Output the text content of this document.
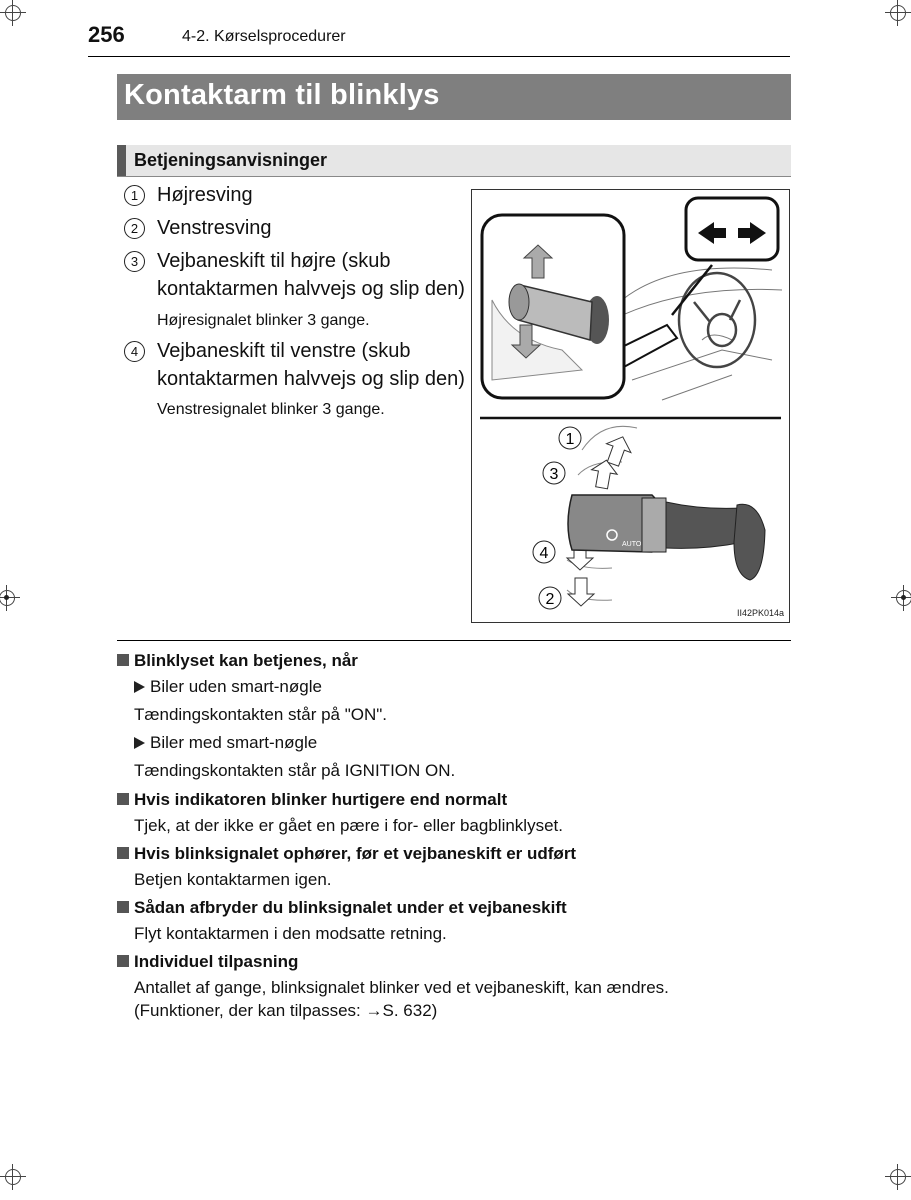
256	4-2. Kørselsprocedurer
Kontaktarm til blinklys
Betjeningsanvisninger
1 Højresving
2 Venstresving
3 Vejbaneskift til højre (skub kontaktarmen halvvejs og slip den)
Højresignalet blinker 3 gange.
4 Vejbaneskift til venstre (skub kontaktarmen halvvejs og slip den)
Venstresignalet blinker 3 gange.
AUTO
1
3
4
2
II42PK014a
Blinklyset kan betjenes, når
Biler uden smart-nøgle
Tændingskontakten står på "ON".
Biler med smart-nøgle
Tændingskontakten står på IGNITION ON.
Hvis indikatoren blinker hurtigere end normalt
Tjek, at der ikke er gået en pære i for- eller bagblinklyset.
Hvis blinksignalet ophører, før et vejbaneskift er udført
Betjen kontaktarmen igen.
Sådan afbryder du blinksignalet under et vejbaneskift
Flyt kontaktarmen i den modsatte retning.
Individuel tilpasning
Antallet af gange, blinksignalet blinker ved et vejbaneskift, kan ændres.
(Funktioner, der kan tilpasses: →S. 632)
